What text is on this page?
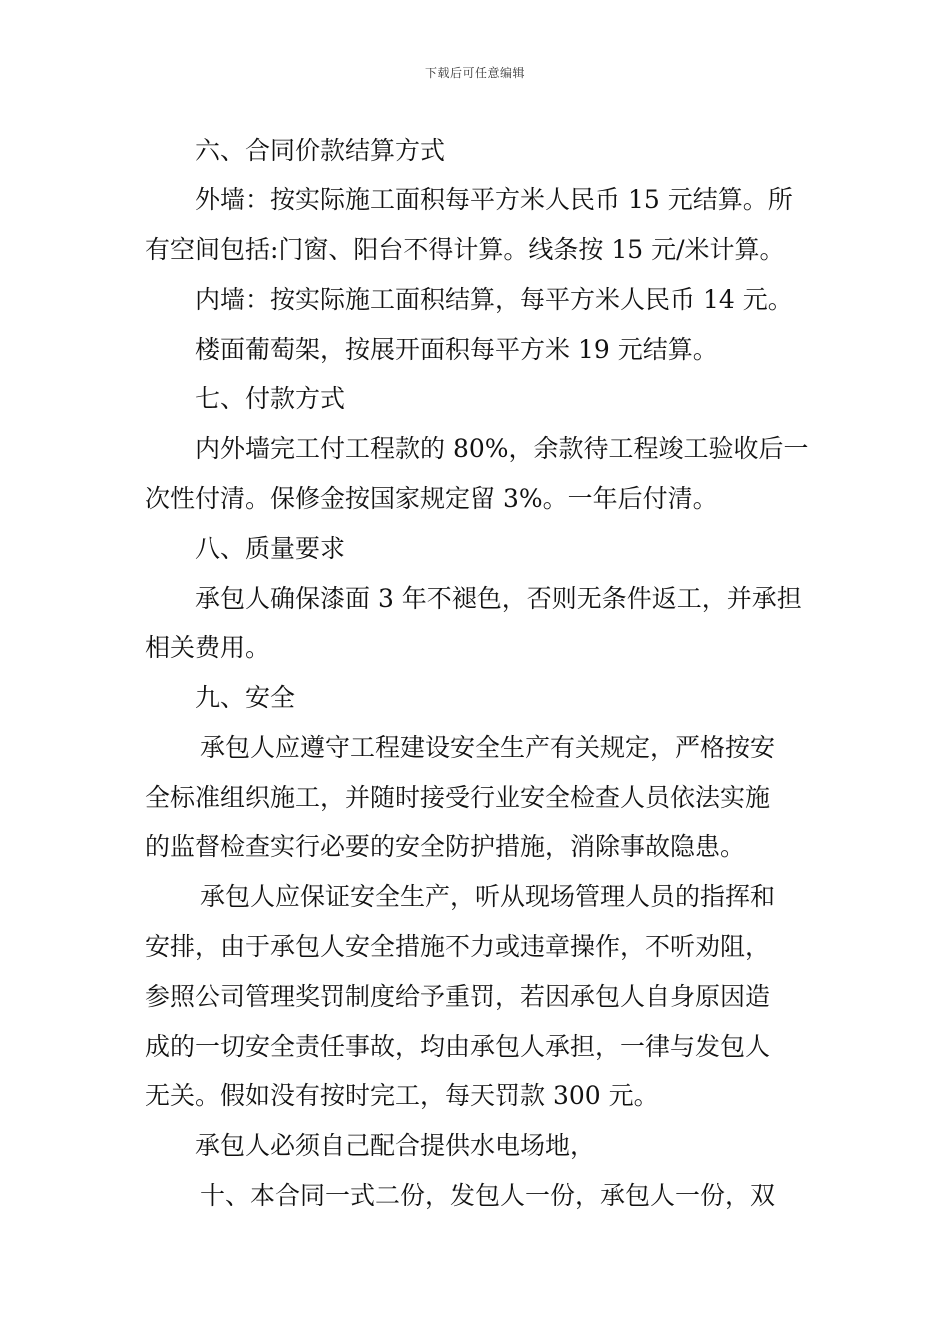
下载后可任意编辑
六、合同价款结算方式
外墙：按实际施工面积每平方米人民币 15 元结算。所
有空间包括:门窗、阳台不得计算。线条按 15 元/米计算。
内墙：按实际施工面积结算，每平方米人民币 14 元。
楼面葡萄架，按展开面积每平方米 19 元结算。
七、付款方式
内外墙完工付工程款的 80%，余款待工程竣工验收后一
次性付清。保修金按国家规定留 3%。一年后付清。
八、质量要求
承包人确保漆面 3 年不褪色，否则无条件返工，并承担
相关费用。
九、安全
承包人应遵守工程建设安全生产有关规定，严格按安
全标准组织施工，并随时接受行业安全检查人员依法实施
的监督检查实行必要的安全防护措施，消除事故隐患。
承包人应保证安全生产，听从现场管理人员的指挥和
安排，由于承包人安全措施不力或违章操作，不听劝阻，
参照公司管理奖罚制度给予重罚，若因承包人自身原因造
成的一切安全责任事故，均由承包人承担，一律与发包人
无关。假如没有按时完工，每天罚款 300 元。
承包人必须自己配合提供水电场地，
十、本合同一式二份，发包人一份，承包人一份，双
